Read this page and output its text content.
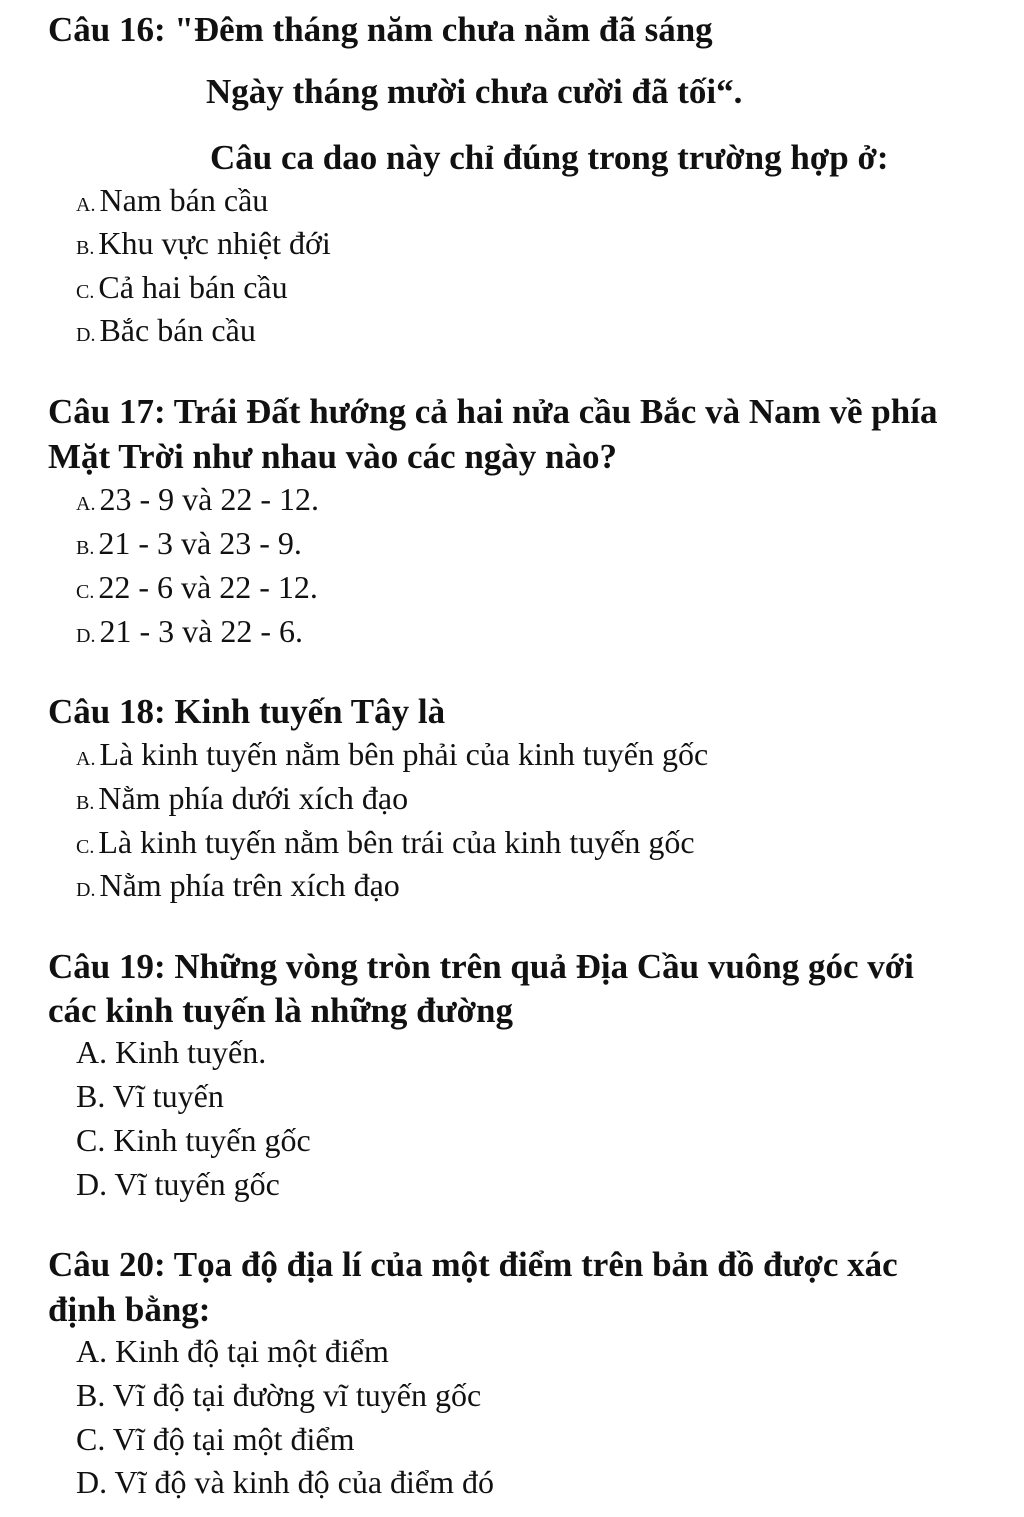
Câu 16: "Đêm tháng năm chưa nằm đã sáng
Ngày tháng mười chưa cười đã tối“.
Câu ca dao này chỉ đúng trong trường hợp ở:
A. Nam bán cầu
B. Khu vực nhiệt đới
C. Cả hai bán cầu
D. Bắc bán cầu
Câu 17: Trái Đất hướng cả hai nửa cầu Bắc và Nam về phía
Mặt Trời như nhau vào các ngày nào?
A. 23 - 9 và 22 - 12.
B. 21 - 3 và 23 - 9.
C. 22 - 6 và 22 - 12.
D. 21 - 3 và 22 - 6.
Câu 18: Kinh tuyến Tây là
A. Là kinh tuyến nằm bên phải của kinh tuyến gốc
B. Nằm phía dưới xích đạo
C. Là kinh tuyến nằm bên trái của kinh tuyến gốc
D. Nằm phía trên xích đạo
Câu 19: Những vòng tròn trên quả Địa Cầu vuông góc với
các kinh tuyến là những đường
A. Kinh tuyến.
B. Vĩ tuyến
C. Kinh tuyến gốc
D. Vĩ tuyến gốc
Câu 20: Tọa độ địa lí của một điểm trên bản đồ được xác
định bằng:
A. Kinh độ tại một điểm
B. Vĩ độ tại đường vĩ tuyến gốc
C. Vĩ độ tại một điểm
D. Vĩ độ và kinh độ của điểm đó
